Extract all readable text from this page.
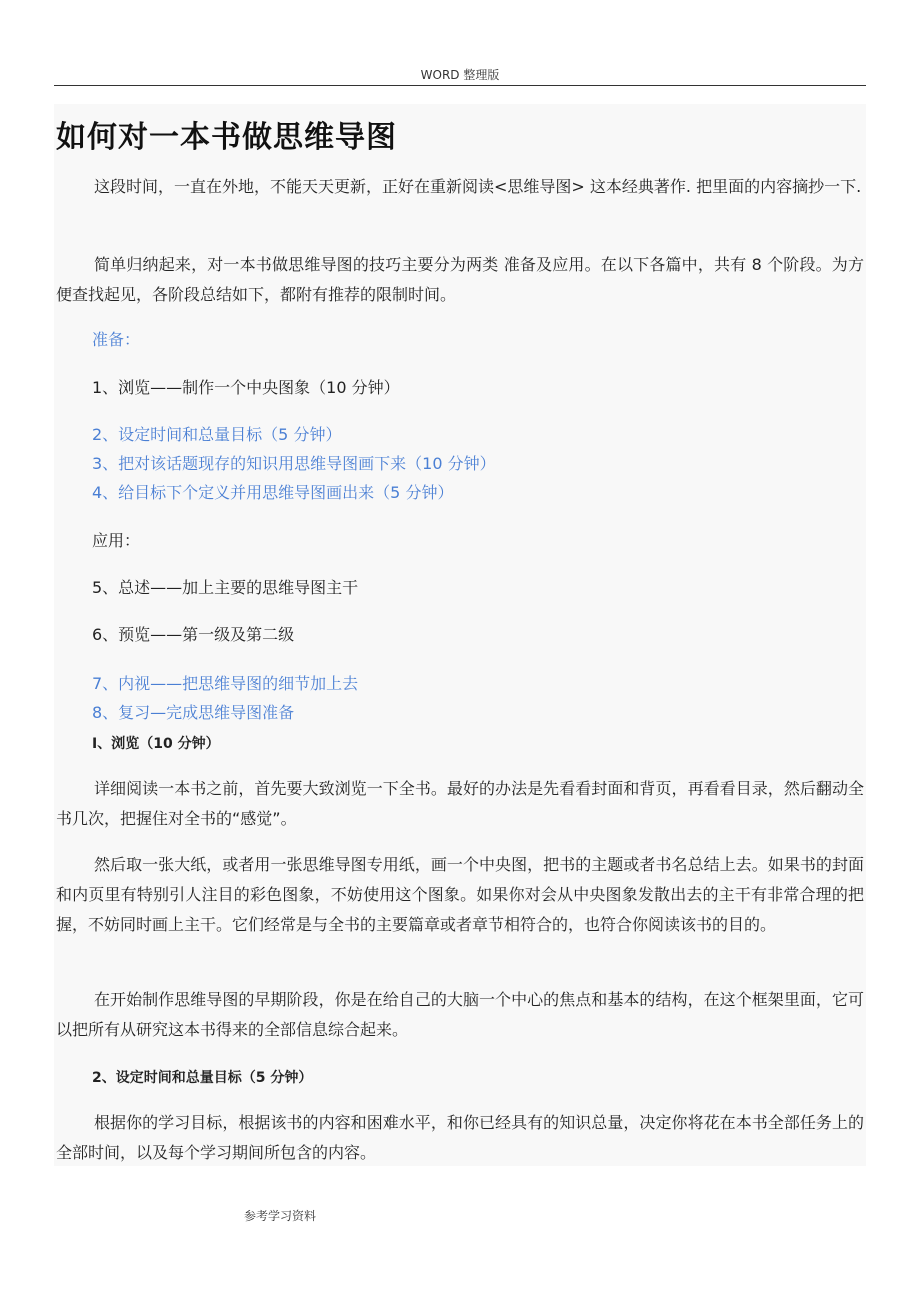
WORD 整理版
如何对一本书做思维导图

这段时间，一直在外地，不能天天更新，正好在重新阅读<思维导图> 这本经典著作. 把里面的内容摘抄一下.

简单归纳起来，对一本书做思维导图的技巧主要分为两类 准备及应用。在以下各篇中，共有 8 个阶段。为方便查找起见，各阶段总结如下，都附有推荐的限制时间。

准备：

1、浏览——制作一个中央图象（10 分钟）

2、设定时间和总量目标（5 分钟）

3、把对该话题现存的知识用思维导图画下来（10 分钟）

4、给目标下个定义并用思维导图画出来（5 分钟）

应用：

5、总述——加上主要的思维导图主干

6、预览——第一级及第二级

7、内视——把思维导图的细节加上去

8、复习—完成思维导图准备

I、浏览（10 分钟）

详细阅读一本书之前，首先要大致浏览一下全书。最好的办法是先看看封面和背页，再看看目录，然后翻动全书几次，把握住对全书的“感觉”。

然后取一张大纸，或者用一张思维导图专用纸，画一个中央图，把书的主题或者书名总结上去。如果书的封面和内页里有特别引人注目的彩色图象，不妨使用这个图象。如果你对会从中央图象发散出去的主干有非常合理的把握，不妨同时画上主干。它们经常是与全书的主要篇章或者章节相符合的，也符合你阅读该书的目的。

在开始制作思维导图的早期阶段，你是在给自己的大脑一个中心的焦点和基本的结构，在这个框架里面，它可以把所有从研究这本书得来的全部信息综合起来。

2、设定时间和总量目标（5 分钟）

根据你的学习目标，根据该书的内容和困难水平，和你已经具有的知识总量，决定你将花在本书全部任务上的全部时间，以及每个学习期间所包含的内容。

参考学习资料
